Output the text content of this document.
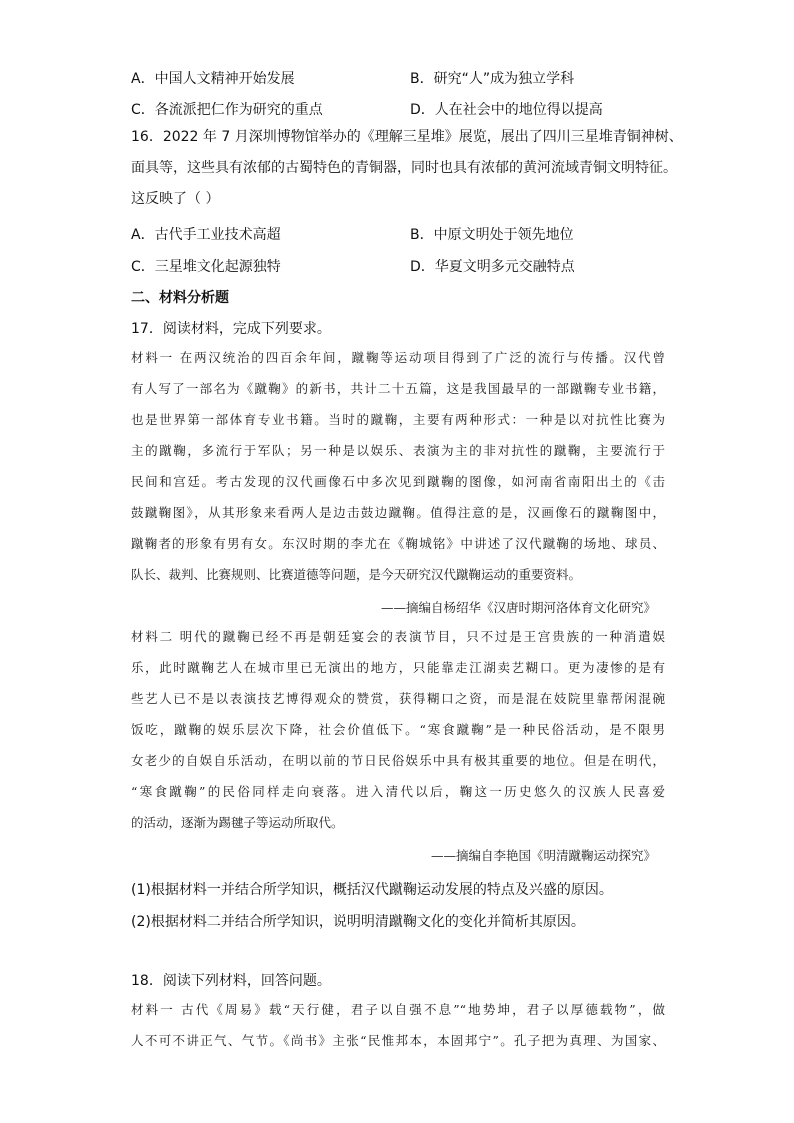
A．中国人文精神开始发展	B．研究“人”成为独立学科
C．各流派把仁作为研究的重点	D．人在社会中的地位得以提高
16．2022 年 7 月深圳博物馆举办的《理解三星堆》展览，展出了四川三星堆青铜神树、
面具等，这些具有浓郁的古蜀特色的青铜器，同时也具有浓郁的黄河流域青铜文明特征。
这反映了（ ）
A．古代手工业技术高超	B．中原文明处于领先地位
C．三星堆文化起源独特	D．华夏文明多元交融特点
二、材料分析题
17．阅读材料，完成下列要求。
材料一 在两汉统治的四百余年间，蹴鞠等运动项目得到了广泛的流行与传播。汉代曾
有人写了一部名为《蹴鞠》的新书，共计二十五篇，这是我国最早的一部蹴鞠专业书籍，
也是世界第一部体育专业书籍。当时的蹴鞠，主要有两种形式：一种是以对抗性比赛为
主的蹴鞠，多流行于军队；另一种是以娱乐、表演为主的非对抗性的蹴鞠，主要流行于
民间和宫廷。考古发现的汉代画像石中多次见到蹴鞠的图像，如河南省南阳出土的《击
鼓蹴鞠图》，从其形象来看两人是边击鼓边蹴鞠。值得注意的是，汉画像石的蹴鞠图中，
蹴鞠者的形象有男有女。东汉时期的李尤在《鞠城铭》中讲述了汉代蹴鞠的场地、球员、
队长、裁判、比赛规则、比赛道德等问题，是今天研究汉代蹴鞠运动的重要资料。
——摘编自杨绍华《汉唐时期河洛体育文化研究》
材料二 明代的蹴鞠已经不再是朝廷宴会的表演节目，只不过是王宫贵族的一种消遣娱
乐，此时蹴鞠艺人在城市里已无演出的地方，只能靠走江湖卖艺糊口。更为凄惨的是有
些艺人已不是以表演技艺博得观众的赞赏，获得糊口之资，而是混在妓院里靠帮闲混碗
饭吃，蹴鞠的娱乐层次下降，社会价值低下。“寒食蹴鞠”是一种民俗活动，是不限男
女老少的自娱自乐活动，在明以前的节日民俗娱乐中具有极其重要的地位。但是在明代，
“寒食蹴鞠”的民俗同样走向衰落。进入清代以后，鞠这一历史悠久的汉族人民喜爱
的活动，逐渐为踢毽子等运动所取代。
——摘编自李艳国《明清蹴鞠运动探究》
(1)根据材料一并结合所学知识，概括汉代蹴鞠运动发展的特点及兴盛的原因。
(2)根据材料二并结合所学知识，说明明清蹴鞠文化的变化并简析其原因。
18．阅读下列材料，回答问题。
材料一 古代《周易》载“天行健，君子以自强不息”“地势坤，君子以厚德载物”，做
人不可不讲正气、气节。《尚书》主张“民惟邦本，本固邦宁”。孔子把为真理、为国家、
